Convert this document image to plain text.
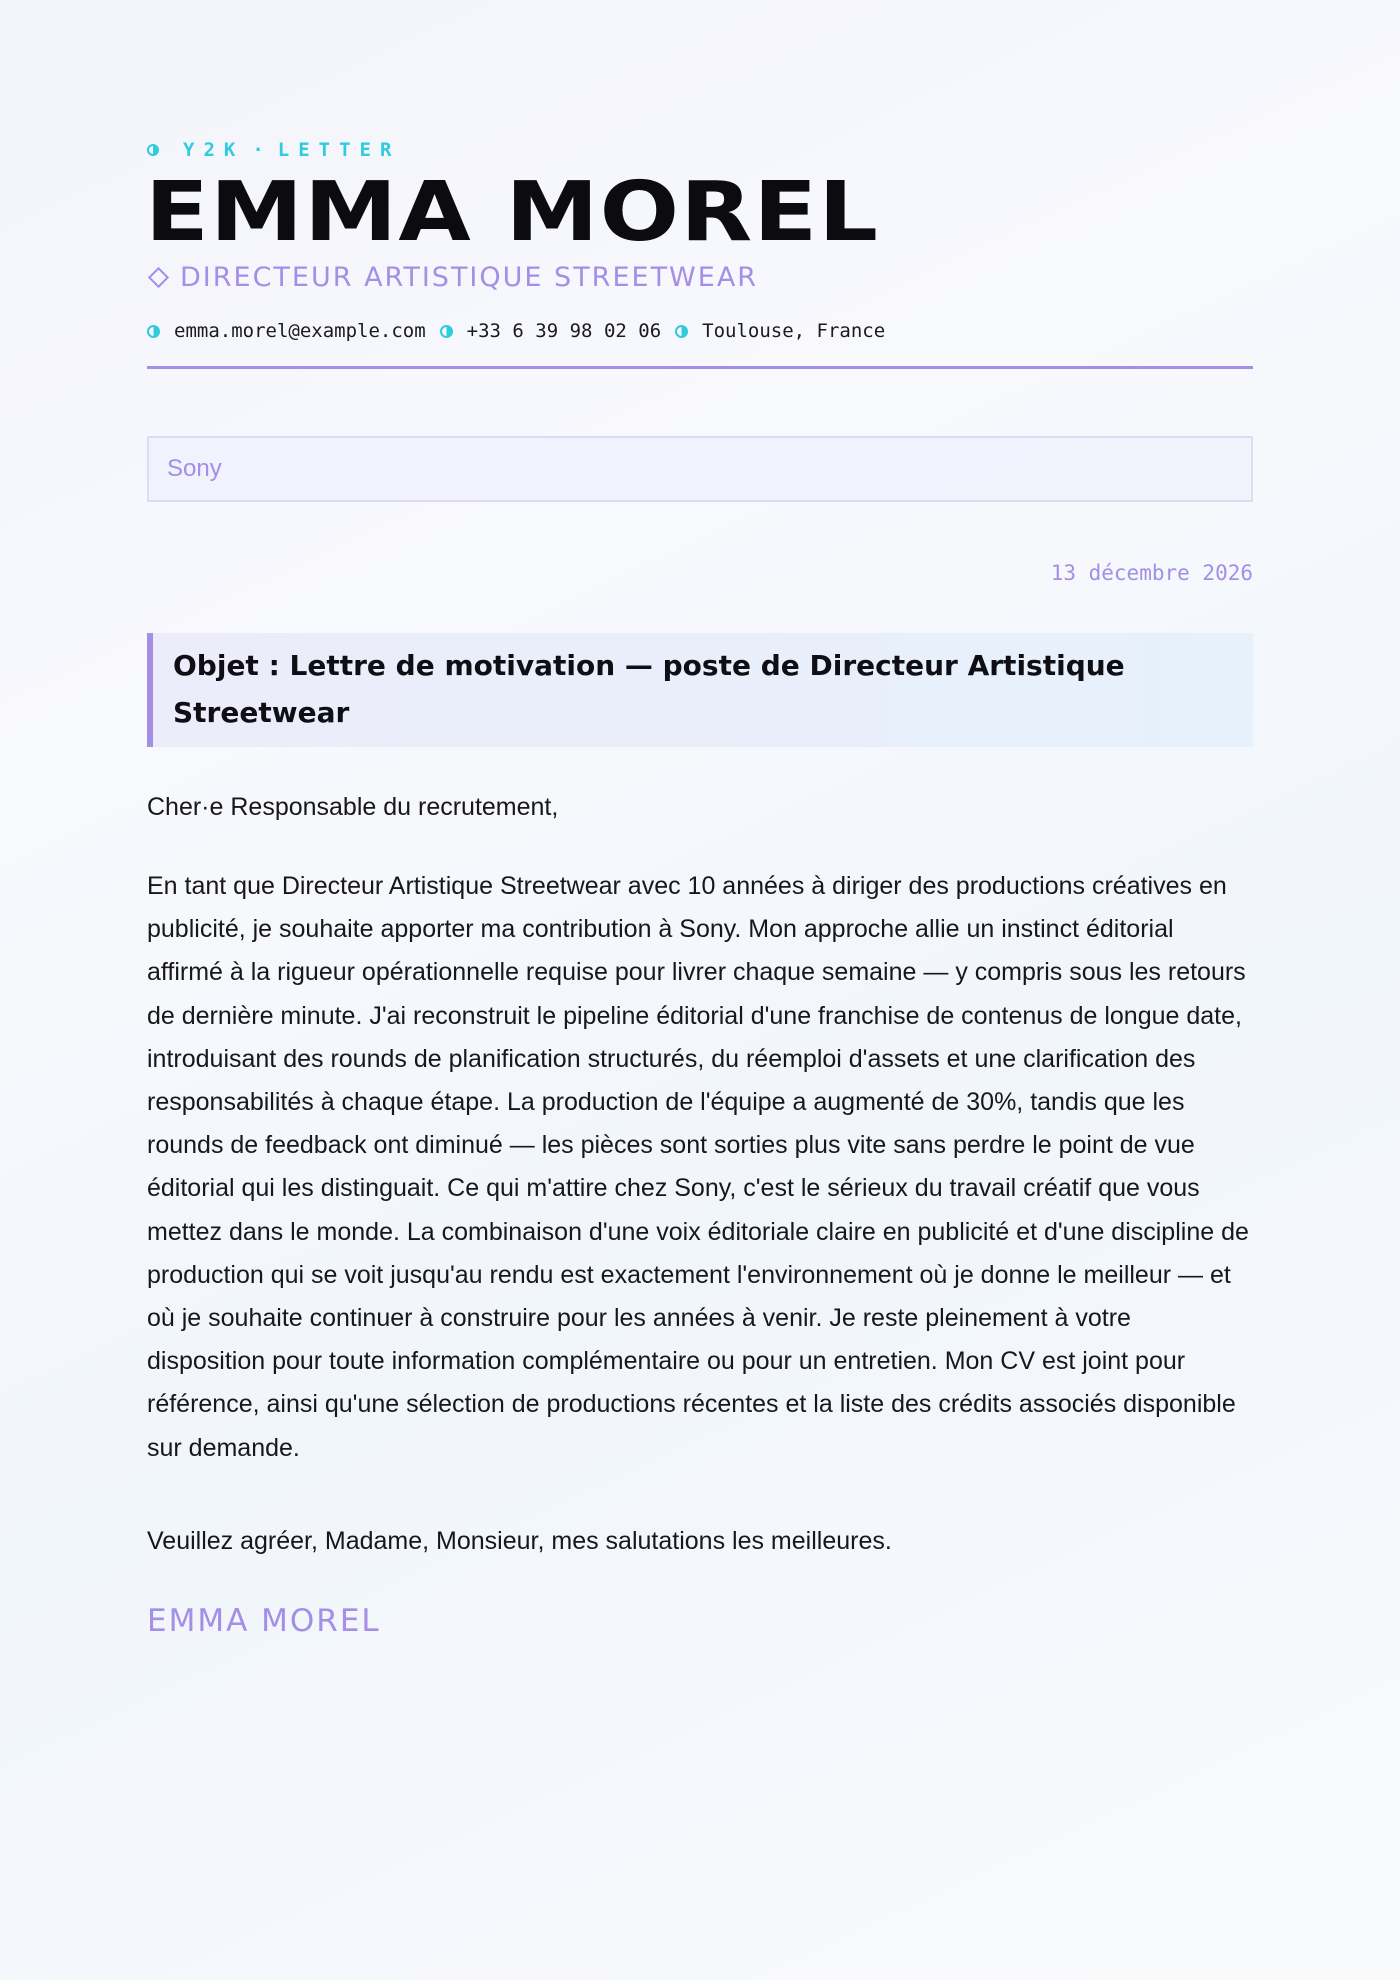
Y2K · LETTER
EMMA MOREL
DIRECTEUR ARTISTIQUE STREETWEAR
emma.morel@example.com +33 6 39 98 02 06 Toulouse, France
Sony
13 décembre 2026
Objet : Lettre de motivation — poste de Directeur Artistique Streetwear
Cher·e Responsable du recrutement,

En tant que Directeur Artistique Streetwear avec 10 années à diriger des productions créatives en publicité, je souhaite apporter ma contribution à Sony. Mon approche allie un instinct éditorial affirmé à la rigueur opérationnelle requise pour livrer chaque semaine — y compris sous les retours de dernière minute. J'ai reconstruit le pipeline éditorial d'une franchise de contenus de longue date, introduisant des rounds de planification structurés, du réemploi d'assets et une clarification des responsabilités à chaque étape. La production de l'équipe a augmenté de 30%, tandis que les rounds de feedback ont diminué — les pièces sont sorties plus vite sans perdre le point de vue éditorial qui les distinguait. Ce qui m'attire chez Sony, c'est le sérieux du travail créatif que vous mettez dans le monde. La combinaison d'une voix éditoriale claire en publicité et d'une discipline de production qui se voit jusqu'au rendu est exactement l'environnement où je donne le meilleur — et où je souhaite continuer à construire pour les années à venir. Je reste pleinement à votre disposition pour toute information complémentaire ou pour un entretien. Mon CV est joint pour référence, ainsi qu'une sélection de productions récentes et la liste des crédits associés disponible sur demande.

Veuillez agréer, Madame, Monsieur, mes salutations les meilleures.
EMMA MOREL
